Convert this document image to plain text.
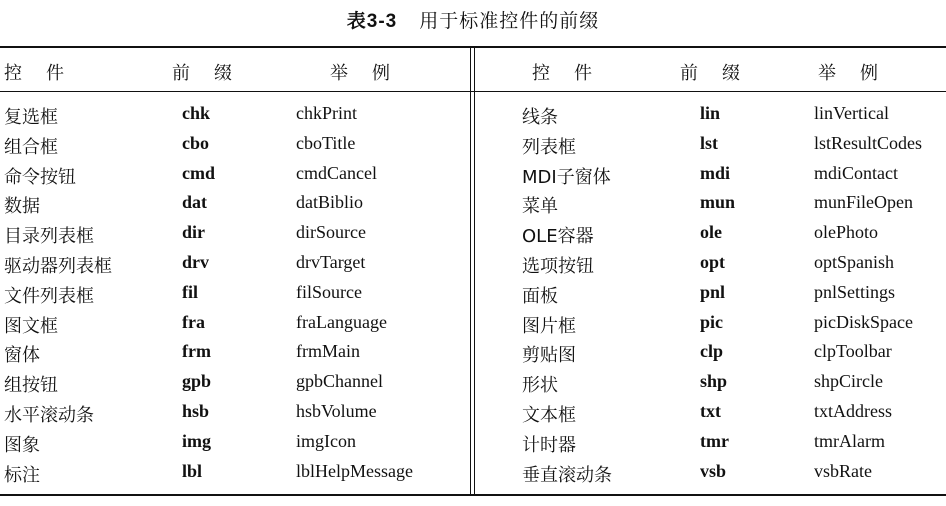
表3-3 用于标准控件的前缀
控件	前缀	举例
复选框	chk	chkPrint
组合框	cbo	cboTitle
命令按钮	cmd	cmdCancel
数据	dat	datBiblio
目录列表框	dir	dirSource
驱动器列表框	drv	drvTarget
文件列表框	fil	filSource
图文框	fra	fraLanguage
窗体	frm	frmMain
组按钮	gpb	gpbChannel
水平滚动条	hsb	hsbVolume
图象	img	imgIcon
标注	lbl	lblHelpMessage
控件	前缀	举例
线条	lin	linVertical
列表框	lst	lstResultCodes
MDI子窗体	mdi	mdiContact
菜单	mun	munFileOpen
OLE容器	ole	olePhoto
选项按钮	opt	optSpanish
面板	pnl	pnlSettings
图片框	pic	picDiskSpace
剪贴图	clp	clpToolbar
形状	shp	shpCircle
文本框	txt	txtAddress
计时器	tmr	tmrAlarm
垂直滚动条	vsb	vsbRate
